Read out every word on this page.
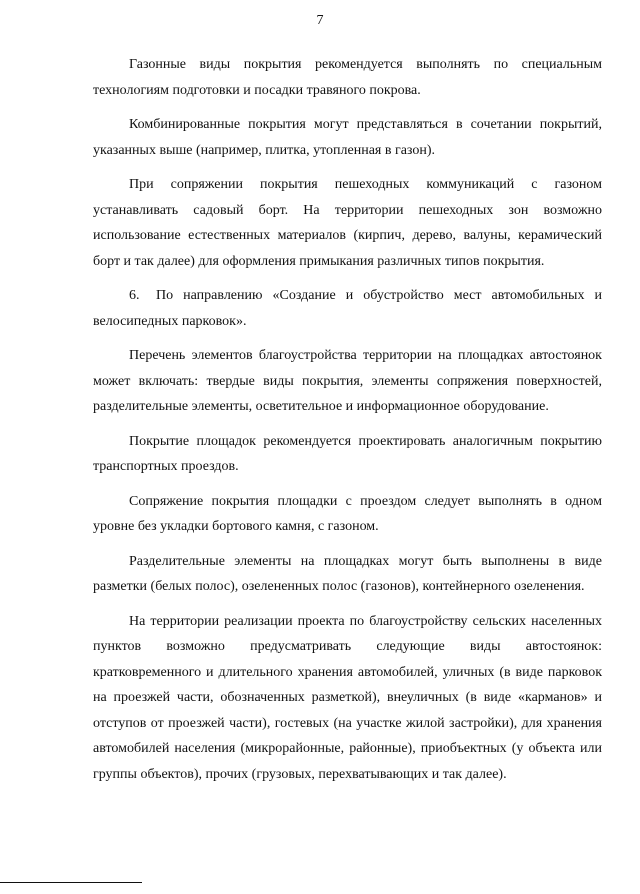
7

Газонные виды покрытия рекомендуется выполнять по специальным технологиям подготовки и посадки травяного покрова.

Комбинированные покрытия могут представляться в сочетании покрытий, указанных выше (например, плитка, утопленная в газон).

При сопряжении покрытия пешеходных коммуникаций с газоном устанавливать садовый борт. На территории пешеходных зон возможно использование естественных материалов (кирпич, дерево, валуны, керамический борт и так далее) для оформления примыкания различных типов покрытия.

6. По направлению «Создание и обустройство мест автомобильных и велосипедных парковок».

Перечень элементов благоустройства территории на площадках автостоянок может включать: твердые виды покрытия, элементы сопряжения поверхностей, разделительные элементы, осветительное и информационное оборудование.

Покрытие площадок рекомендуется проектировать аналогичным покрытию транспортных проездов.

Сопряжение покрытия площадки с проездом следует выполнять в одном уровне без укладки бортового камня, с газоном.

Разделительные элементы на площадках могут быть выполнены в виде разметки (белых полос), озелененных полос (газонов), контейнерного озеленения.

На территории реализации проекта по благоустройству сельских населенных пунктов возможно предусматривать следующие виды автостоянок: кратковременного и длительного хранения автомобилей, уличных (в виде парковок на проезжей части, обозначенных разметкой), внеуличных (в виде «карманов» и отступов от проезжей части), гостевых (на участке жилой застройки), для хранения автомобилей населения (микрорайонные, районные), приобъектных (у объекта или группы объектов), прочих (грузовых, перехватывающих и так далее).
